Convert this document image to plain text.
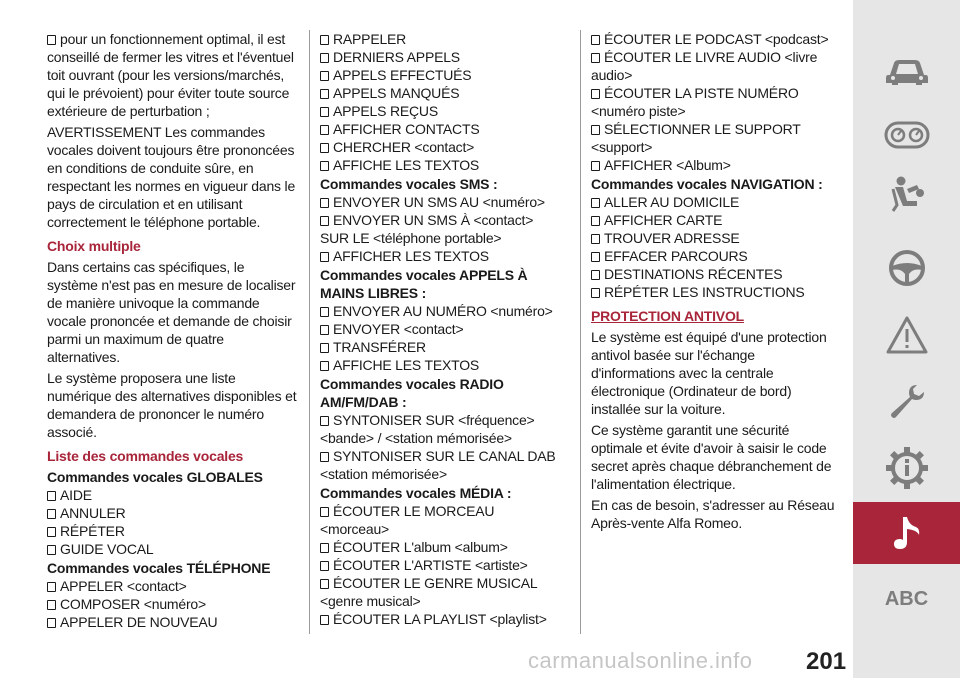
pour un fonctionnement optimal, il est conseillé de fermer les vitres et l'éventuel toit ouvrant (pour les versions/marchés, qui le prévoient) pour éviter toute source extérieure de perturbation ;
AVERTISSEMENT Les commandes vocales doivent toujours être prononcées en conditions de conduite sûre, en respectant les normes en vigueur dans le pays de circulation et en utilisant correctement le téléphone portable.
Choix multiple
Dans certains cas spécifiques, le système n'est pas en mesure de localiser de manière univoque la commande vocale prononcée et demande de choisir parmi un maximum de quatre alternatives.
Le système proposera une liste numérique des alternatives disponibles et demandera de prononcer le numéro associé.
Liste des commandes vocales
Commandes vocales GLOBALES
AIDE
ANNULER
RÉPÉTER
GUIDE VOCAL
Commandes vocales TÉLÉPHONE
APPELER <contact>
COMPOSER <numéro>
APPELER DE NOUVEAU
RAPPELER
DERNIERS APPELS
APPELS EFFECTUÉS
APPELS MANQUÉS
APPELS REÇUS
AFFICHER CONTACTS
CHERCHER <contact>
AFFICHE LES TEXTOS
Commandes vocales SMS :
ENVOYER UN SMS AU <numéro>
ENVOYER UN SMS À <contact> SUR LE <téléphone portable>
AFFICHER LES TEXTOS
Commandes vocales APPELS À MAINS LIBRES :
ENVOYER AU NUMÉRO <numéro>
ENVOYER <contact>
TRANSFÉRER
AFFICHE LES TEXTOS
Commandes vocales RADIO AM/FM/DAB :
SYNTONISER SUR <fréquence><bande> / <station mémorisée>
SYNTONISER SUR LE CANAL DAB <station mémorisée>
Commandes vocales MÉDIA :
ÉCOUTER LE MORCEAU <morceau>
ÉCOUTER L'album <album>
ÉCOUTER L'ARTISTE <artiste>
ÉCOUTER LE GENRE MUSICAL <genre musical>
ÉCOUTER LA PLAYLIST <playlist>
ÉCOUTER LE PODCAST <podcast>
ÉCOUTER LE LIVRE AUDIO <livre audio>
ÉCOUTER LA PISTE NUMÉRO <numéro piste>
SÉLECTIONNER LE SUPPORT <support>
AFFICHER <Album>
Commandes vocales NAVIGATION :
ALLER AU DOMICILE
AFFICHER CARTE
TROUVER ADRESSE
EFFACER PARCOURS
DESTINATIONS RÉCENTES
RÉPÉTER LES INSTRUCTIONS
PROTECTION ANTIVOL
Le système est équipé d'une protection antivol basée sur l'échange d'informations avec la centrale électronique (Ordinateur de bord) installée sur la voiture.
Ce système garantit une sécurité optimale et évite d'avoir à saisir le code secret après chaque débranchement de l'alimentation électrique.
En cas de besoin, s'adresser au Réseau Après-vente Alfa Romeo.
ABC
carmanualsonline.info 201
